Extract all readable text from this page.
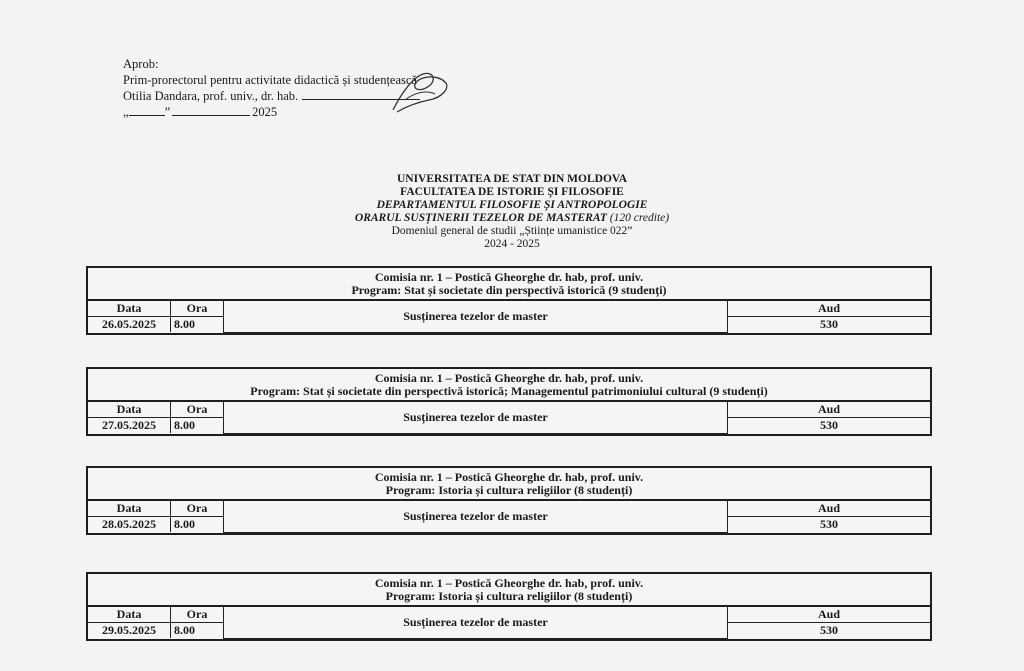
Aprob:
Prim-prorectorul pentru activitate didactică și studențească
Otilia Dandara, prof. univ., dr. hab.
„	”	2025
UNIVERSITATEA DE STAT DIN MOLDOVA
FACULTATEA DE ISTORIE ȘI FILOSOFIE
DEPARTAMENTUL FILOSOFIE ȘI ANTROPOLOGIE
ORARUL SUSȚINERII TEZELOR DE MASTERAT (120 credite)
Domeniul general de studii „Științe umanistice 022”
2024 - 2025
Comisia nr. 1 – Postică Gheorghe dr. hab, prof. univ.
Program: Stat și societate din perspectivă istorică (9 studenți)
Data	Ora	Susținerea tezelor de master	Aud
26.05.2025	8.00		530
Comisia nr. 1 – Postică Gheorghe dr. hab, prof. univ.
Program: Stat și societate din perspectivă istorică; Managementul patrimoniului cultural (9 studenți)
Data	Ora	Susținerea tezelor de master	Aud
27.05.2025	8.00		530
Comisia nr. 1 – Postică Gheorghe dr. hab, prof. univ.
Program: Istoria și cultura religiilor (8 studenți)
Data	Ora	Susținerea tezelor de master	Aud
28.05.2025	8.00		530
Comisia nr. 1 – Postică Gheorghe dr. hab, prof. univ.
Program: Istoria și cultura religiilor (8 studenți)
Data	Ora	Susținerea tezelor de master	Aud
29.05.2025	8.00		530
